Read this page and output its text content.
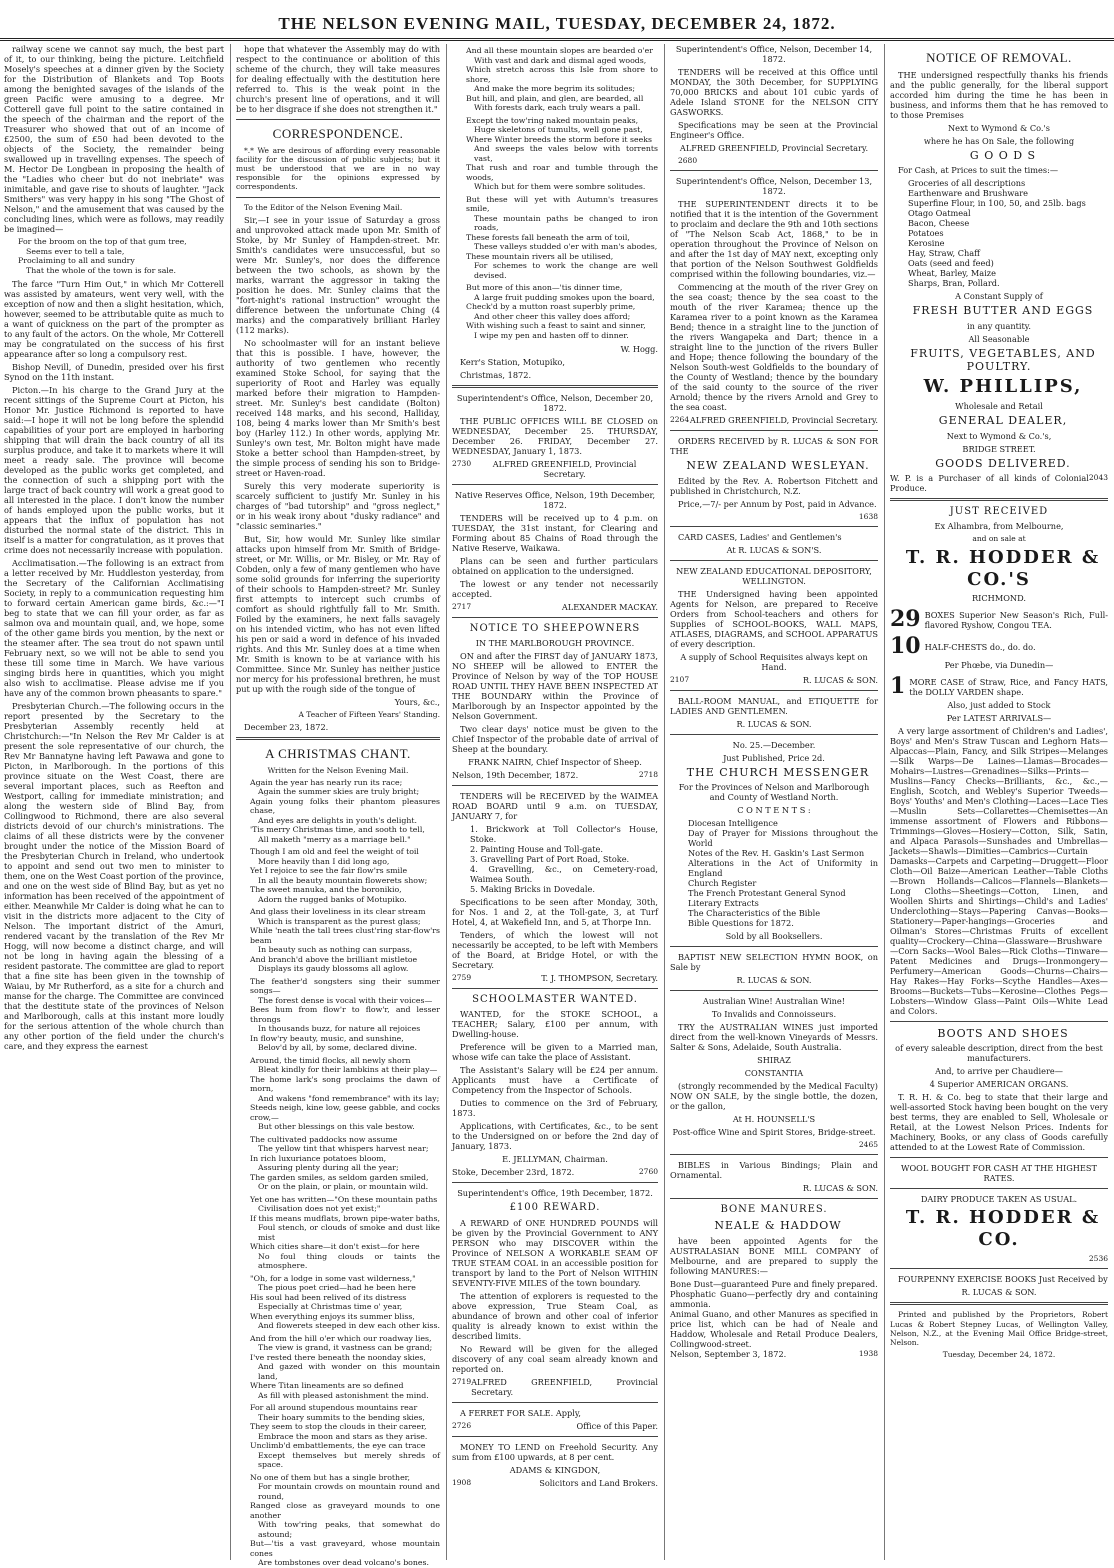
THE NELSON EVENING MAIL, TUESDAY, DECEMBER 24, 1872.

railway scene we cannot say much, the best part of it, to our thinking, being the picture. Leitchfield Mosely's speeches at a dinner given by the Society for the Distribution of Blankets and Top Boots among the benighted savages of the islands of the green Pacific were amusing to a degree. Mr Cotterell gave full point to the satire contained in the speech of the chairman and the report of the Treasurer who showed that out of an income of £2500, the sum of £50 had been devoted to the objects of the Society, the remainder being swallowed up in travelling expenses. The speech of M. Hector De Longbean in proposing the health of the "Ladies who cheer but do not inebriate" was inimitable, and gave rise to shouts of laughter. "Jack Smithers" was very happy in his song "The Ghost of Nelson," and the amusement that was caused by the concluding lines, which were as follows, may readily be imagined—

For the broom on the top of that gum tree,
Seems ever to tell a tale,
Proclaiming to all and sundry
That the whole of the town is for sale.

The farce "Turn Him Out," in which Mr Cotterell was assisted by amateurs, went very well, with the exception of now and then a slight hesitation, which, however, seemed to be attributable quite as much to a want of quickness on the part of the prompter as to any fault of the actors. On the whole, Mr Cotterell may be congratulated on the success of his first appearance after so long a compulsory rest.

Bishop Nevill, of Dunedin, presided over his first Synod on the 11th instant.

Picton.—In his charge to the Grand Jury at the recent sittings of the Supreme Court at Picton, his Honor Mr. Justice Richmond is reported to have said:—I hope it will not be long before the splendid capabilities of your port are employed in harboring shipping that will drain the back country of all its surplus produce, and take it to markets where it will meet a ready sale. The province will become developed as the public works get completed, and the connection of such a shipping port with the large tract of back country will work a great good to all interested in the place. I don't know the number of hands employed upon the public works, but it appears that the influx of population has not disturbed the normal state of the district. This in itself is a matter for congratulation, as it proves that crime does not necessarily increase with population.

Acclimatisation.—The following is an extract from a letter received by Mr. Huddleston yesterday, from the Secretary of the Californian Acclimatising Society, in reply to a communication requesting him to forward certain American game birds, &c.:—"I beg to state that we can fill your order, as far as salmon ova and mountain quail, and, we hope, some of the other game birds you mention, by the next or the steamer after. The sea trout do not spawn until February next, so we will not be able to send you these till some time in March. We have various singing birds here in quantities, which you might also wish to acclimatise. Please advise me if you have any of the common brown pheasants to spare."

Presbyterian Church.—The following occurs in the report presented by the Secretary to the Presbyterian Assembly recently held at Christchurch:—"In Nelson the Rev Mr Calder is at present the sole representative of our church, the Rev Mr Bannatyne having left Pawawa and gone to Picton, in Marlborough. In the portions of this province situate on the West Coast, there are several important places, such as Reefton and Westport, calling for immediate ministration; and along the western side of Blind Bay, from Collingwood to Richmond, there are also several districts devoid of our church's ministrations. The claims of all these districts were by the convener brought under the notice of the Mission Board of the Presbyterian Church in Ireland, who undertook to appoint and send out two men to minister to them, one on the West Coast portion of the province, and one on the west side of Blind Bay, but as yet no information has been received of the appointment of either. Meanwhile Mr Calder is doing what he can to visit in the districts more adjacent to the City of Nelson. The important district of the Amuri, rendered vacant by the translation of the Rev Mr Hogg, will now become a distinct charge, and will not be long in having again the blessing of a resident pastorate. The committee are glad to report that a fine site has been given in the township of Waiau, by Mr Rutherford, as a site for a church and manse for the charge. The Committee are convinced that the destitute state of the provinces of Nelson and Marlborough, calls at this instant more loudly for the serious attention of the whole church than any other portion of the field under the church's care, and they express the earnest

hope that whatever the Assembly may do with respect to the continuance or abolition of this scheme of the church, they will take measures for dealing effectually with the destitution here referred to. This is the weak point in the church's present line of operations, and it will be to her disgrace if she does not strengthen it."

CORRESPONDENCE.

*.* We are desirous of affording every reasonable facility for the discussion of public subjects; but it must be understood that we are in no way responsible for the opinions expressed by correspondents.

To the Editor of the Nelson Evening Mail.

Sir,—I see in your issue of Saturday a gross and unprovoked attack made upon Mr. Smith of Stoke, by Mr Sunley of Hampden-street. Mr. Smith's candidates were unsuccessful, but so were Mr. Sunley's, nor does the difference between the two schools, as shown by the marks, warrant the aggressor in taking the position he does. Mr. Sunley claims that the "fort-night's rational instruction" wrought the difference between the unfortunate Ching (4 marks) and the comparatively brilliant Harley (112 marks).

No schoolmaster will for an instant believe that this is possible. I have, however, the authority of two gentlemen who recently examined Stoke School, for saying that the superiority of Root and Harley was equally marked before their migration to Hampden-street. Mr. Sunley's best candidate (Bolton) received 148 marks, and his second, Halliday, 108, being 4 marks lower than Mr Smith's best boy (Harley 112.) In other words, applying Mr. Sunley's own test, Mr. Bolton might have made Stoke a better school than Hampden-street, by the simple process of sending his son to Bridge-street or Haven-road.

Surely this very moderate superiority is scarcely sufficient to justify Mr. Sunley in his charges of "bad tutorship" and "gross neglect," or in his weak irony about "dusky radiance" and "classic seminaries."

But, Sir, how would Mr. Sunley like similar attacks upon himself from Mr. Smith of Bridge-street, or Mr. Willis, or Mr. Bisley, or Mr. Ray of Cobden, only a few of many gentlemen who have some solid grounds for inferring the superiority of their schools to Hampden-street? Mr. Sunley first attempts to intercept such crumbs of comfort as should rightfully fall to Mr. Smith. Foiled by the examiners, he next falls savagely on his intended victim, who has not even lifted his pen or said a word in defence of his invaded rights. And this Mr. Sunley does at a time when Mr. Smith is known to be at variance with his Committee. Since Mr. Sunley has neither justice nor mercy for his professional brethren, he must put up with the rough side of the tongue of

Yours, &c.,

A Teacher of Fifteen Years' Standing.

December 23, 1872.

A CHRISTMAS CHANT.

Written for the Nelson Evening Mail.

Again the year has nearly run its race;
Again the summer skies are truly bright;
Again young folks their phantom pleasures chase,
And eyes are delights in youth's delight.
'Tis merry Christmas time, and sooth to tell,
All maketh "merry as a marriage bell."
Though I am old and feel the weight of toil
More heavily than I did long ago,
Yet I rejoice to see the fair flow'rs smile
In all the beauty mountain flowerets show;
The sweet manuka, and the boronikio,
Adorn the rugged banks of Motupiko.
And glass their loveliness in its clear stream
Which is transparent as the purest glass;
While 'neath the tall trees clust'ring star-flow'rs beam
In beauty such as nothing can surpass,
And branch'd above the brilliant mistletoe
Displays its gaudy blossoms all aglow.
The feather'd songsters sing their summer songs—
The forest dense is vocal with their voices—
Bees hum from flow'r to flow'r, and lesser throngs
In thousands buzz, for nature all rejoices
In flow'ry beauty, music, and sunshine,
Belov'd by all, by some, declared divine.
Around, the timid flocks, all newly shorn
Bleat kindly for their lambkins at their play—
The home lark's song proclaims the dawn of morn,
And wakens "fond remembrance" with its lay;
Steeds neigh, kine low, geese gabble, and cocks crow,—
But other blessings on this vale bestow.
The cultivated paddocks now assume
The yellow tint that whispers harvest near;
In rich luxuriance potatoes bloom,
Assuring plenty during all the year;
The garden smiles, as seldom garden smiled,
Or on the plain, or plain, or mountain wild.
Yet one has written—"On these mountain paths
Civilisation does not yet exist;"
If this means mudflats, brown pipe-water baths,
Foul stench, or clouds of smoke and dust like mist
Which cities share—it don't exist—for here
No foul thing clouds or taints the atmosphere.
"Oh, for a lodge in some vast wilderness,"
The pious poet cried—had he been here
His soul had been relived of its distress
Especially at Christmas time o' year,
When everything enjoys its summer bliss,
And flowerets steeped in dew each other kiss.
And from the hill o'er which our roadway lies,
The view is grand, it vastness can be grand;
I've rested there beneath the noonday skies,
And gazed with wonder on this mountain land,
Where Titan lineaments are so defined
As fill with pleased astonishment the mind.
For all around stupendous mountains rear
Their hoary summits to the bending skies,
They seem to stop the clouds in their career,
Embrace the moon and stars as they arise.
Unclimb'd embattlements, the eye can trace
Except themselves but merely shreds of space.
No one of them but has a single brother,
For mountain crowds on mountain round and round,
Ranged close as graveyard mounds to one another
With tow'ring peaks, that somewhat do astound;
But—'tis a vast graveyard, whose mountain cones
Are tombstones over dead volcano's bones.
And all these mountain slopes are bearded o'er
With vast and dark and dismal aged woods,
Which stretch across this Isle from shore to shore,
And make the more begrim its solitudes;
But hill, and plain, and glen, are bearded, all
With forests dark, each truly wears a pall.
Except the tow'ring naked mountain peaks,
Huge skeletons of tumults, well gone past,
Where Winter breeds the storm before it seeks
And sweeps the vales below with torrents vast,
That rush and roar and tumble through the woods,
Which but for them were sombre solitudes.
But these will yet with Autumn's treasures smile,
These mountain paths be changed to iron roads,
These forests fall beneath the arm of toil,
These valleys studded o'er with man's abodes,
These mountain rivers all be utilised,
For schemes to work the change are well devised.
But more of this anon—'tis dinner time,
A large fruit pudding smokes upon the board,
Check'd by a mutton roast superbly prime,
And other cheer this valley does afford;
With wishing such a feast to saint and sinner,
I wipe my pen and hasten off to dinner.

W. Hogg.

Kerr's Station, Motupiko,

Christmas, 1872.

Superintendent's Office, Nelson, December 20, 1872.

THE PUBLIC OFFICES WILL BE CLOSED on WEDNESDAY, December 25. THURSDAY, December 26. FRIDAY, December 27. WEDNESDAY, January 1, 1873.

2730	ALFRED GREENFIELD, Provincial Secretary.

Native Reserves Office, Nelson, 19th December, 1872.

TENDERS will be received up to 4 p.m. on TUESDAY, the 31st instant, for Clearing and Forming about 85 Chains of Road through the Native Reserve, Waikawa.

Plans can be seen and further particulars obtained on application to the undersigned.

The lowest or any tender not necessarily accepted.

2717	ALEXANDER MACKAY.
NOTICE TO SHEEPOWNERS

IN THE MARLBOROUGH PROVINCE.

ON and after the FIRST day of JANUARY 1873, NO SHEEP will be allowed to ENTER the Province of Nelson by way of the TOP HOUSE ROAD UNTIL THEY HAVE BEEN INSPECTED AT THE BOUNDARY within the Province of Marlborough by an Inspector appointed by the Nelson Government.

Two clear days' notice must be given to the Chief Inspector of the probable date of arrival of Sheep at the boundary.

FRANK NAIRN, Chief Inspector of Sheep.

Nelson, 19th December, 1872.	2718

TENDERS will be RECEIVED by the WAIMEA ROAD BOARD until 9 a.m. on TUESDAY, JANUARY 7, for

1. Brickwork at Toll Collector's House, Stoke.
2. Painting House and Toll-gate.
3. Gravelling Part of Port Road, Stoke.
4. Gravelling, &c., on Cemetery-road, Waimea South.
5. Making Bricks in Dovedale.

Specifications to be seen after Monday, 30th, for Nos. 1 and 2, at the Toll-gate, 3, at Turf Hotel, 4, at Wakefield Inn, and 5, at Thorpe Inn.

Tenders, of which the lowest will not necessarily be accepted, to be left with Members of the Board, at Bridge Hotel, or with the Secretary.

2759	T. J. THOMPSON, Secretary.
SCHOOLMASTER WANTED.

WANTED, for the STOKE SCHOOL, a TEACHER; Salary, £100 per annum, with Dwelling-house.

Preference will be given to a Married man, whose wife can take the place of Assistant.

The Assistant's Salary will be £24 per annum. Applicants must have a Certificate of Competency from the Inspector of Schools.

Duties to commence on the 3rd of February, 1873.

Applications, with Certificates, &c., to be sent to the Undersigned on or before the 2nd day of January, 1873.

E. JELLYMAN, Chairman.

Stoke, December 23rd, 1872.	2760

Superintendent's Office, 19th December, 1872.

£100 REWARD.

A REWARD of ONE HUNDRED POUNDS will be given by the Provincial Government to ANY PERSON who may DISCOVER within the Province of NELSON A WORKABLE SEAM OF TRUE STEAM COAL in an accessible position for transport by land to the Port of Nelson WITHIN SEVENTY-FIVE MILES of the town boundary.

The attention of explorers is requested to the above expression, True Steam Coal, as abundance of brown and other coal of inferior quality is already known to exist within the described limits.

No Reward will be given for the alleged discovery of any coal seam already known and reported on.

2719 ALFRED GREENFIELD, Provincial Secretary.

A FERRET FOR SALE. Apply,

2726	Office of this Paper.

MONEY TO LEND on Freehold Security. Any sum from £100 upwards, at 8 per cent.

ADAMS & KINGDON,

1908	Solicitors and Land Brokers.

Superintendent's Office, Nelson, December 14, 1872.

TENDERS will be received at this Office until MONDAY, the 30th December, for SUPPLYING 70,000 BRICKS and about 101 cubic yards of Adele Island STONE for the NELSON CITY GASWORKS.

Specifications may be seen at the Provincial Engineer's Office.

ALFRED GREENFIELD, Provincial Secretary.

2680

Superintendent's Office, Nelson, December 13, 1872.

THE SUPERINTENDENT directs it to be notified that it is the intention of the Government to proclaim and declare the 9th and 10th sections of "The Nelson Scab Act, 1868," to be in operation throughout the Province of Nelson on and after the 1st day of MAY next, excepting only that portion of the Nelson Southwest Goldfields comprised within the following boundaries, viz.—

Commencing at the mouth of the river Grey on the sea coast; thence by the sea coast to the mouth of the river Karamea; thence up the Karamea river to a point known as the Karamea Bend; thence in a straight line to the junction of the rivers Wangapeka and Dart; thence in a straight line to the junction of the rivers Buller and Hope; thence following the boundary of the Nelson South-west Goldfields to the boundary of the County of Westland; thence by the boundary of the said county to the source of the river Arnold; thence by the rivers Arnold and Grey to the sea coast.

2264 ALFRED GREENFIELD, Provincial Secretary.

ORDERS RECEIVED by R. LUCAS & SON FOR THE

NEW ZEALAND WESLEYAN.

Edited by the Rev. A. Robertson Fitchett and published in Christchurch, N.Z.

Price,—7/- per Annum by Post, paid in Advance.

1638

CARD CASES, Ladies' and Gentlemen's

At R. LUCAS & SON'S.

NEW ZEALAND EDUCATIONAL DEPOSITORY, WELLINGTON.

THE Undersigned having been appointed Agents for Nelson, are prepared to Receive Orders from School-teachers and others for Supplies of SCHOOL-BOOKS, WALL MAPS, ATLASES, DIAGRAMS, and SCHOOL APPARATUS of every description.

A supply of School Requisites always kept on Hand.

2107	R. LUCAS & SON.

BALL-ROOM MANUAL, and ETIQUETTE for LADIES AND GENTLEMEN.

R. LUCAS & SON.

No. 25.—December.

Just Published, Price 2d.

THE CHURCH MESSENGER

For the Provinces of Nelson and Marlborough and County of Westland North.

C O N T E N T S :

Diocesan Intelligence
Day of Prayer for Missions throughout the World
Notes of the Rev. H. Gaskin's Last Sermon
Alterations in the Act of Uniformity in England
Church Register
The French Protestant General Synod
Literary Extracts
The Characteristics of the Bible
Bible Questions for 1872.

Sold by all Booksellers.

BAPTIST NEW SELECTION HYMN BOOK, on Sale by

R. LUCAS & SON.

Australian Wine! Australian Wine!

To Invalids and Connoisseurs.

TRY the AUSTRALIAN WINES just imported direct from the well-known Vineyards of Messrs. Salter & Sons, Adelaide, South Australia.

SHIRAZ

CONSTANTIA

(strongly recommended by the Medical Faculty) NOW ON SALE, by the single bottle, the dozen, or the gallon,

At H. HOUNSELL'S

Post-office Wine and Spirit Stores, Bridge-street.

2465

BIBLES in Various Bindings; Plain and Ornamental.

R. LUCAS & SON.

BONE MANURES.

NEALE & HADDOW

have been appointed Agents for the AUSTRALASIAN BONE MILL COMPANY of Melbourne, and are prepared to supply the following MANURES:—

Bone Dust—guaranteed Pure and finely prepared.
Phosphatic Guano—perfectly dry and containing ammonia.
Animal Guano, and other Manures as specified in price list, which can be had of Neale and Haddow, Wholesale and Retail Produce Dealers, Collingwood-street.
Nelson, September 3, 1872.	1938
NOTICE OF REMOVAL.

THE undersigned respectfully thanks his friends and the public generally, for the liberal support accorded him during the time he has been in business, and informs them that he has removed to to those Premises

Next to Wymond & Co.'s

where he has On Sale, the following

G O O D S

For Cash, at Prices to suit the times:—

Groceries of all descriptions
Earthenware and Brushware
Superfine Flour, in 100, 50, and 25lb. bags
Otago Oatmeal
Bacon, Cheese
Potatoes
Kerosine
Hay, Straw, Chaff
Oats (seed and feed)
Wheat, Barley, Maize
Sharps, Bran, Pollard.

A Constant Supply of

FRESH BUTTER AND EGGS

in any quantity.

All Seasonable

FRUITS, VEGETABLES, AND POULTRY.

W. PHILLIPS,

Wholesale and Retail

GENERAL DEALER,

Next to Wymond & Co.'s,

BRIDGE STREET.

GOODS DELIVERED.

W. P. is a Purchaser of all kinds of Colonial Produce.
2043
JUST RECEIVED

Ex Alhambra, from Melbourne,

and on sale at

T. R. HODDER & CO.'S

RICHMOND.

29 BOXES Superior New Season's Rich, Full-flavored Ryshow, Congou TEA.
10 HALF-CHESTS do., do. do.

Per Phœbe, via Dunedin—

1 MORE CASE of Straw, Rice, and Fancy HATS, the DOLLY VARDEN shape.

Also, just added to Stock

Per LATEST ARRIVALS—

A very large assortment of Children's and Ladies', Boys' and Men's Straw Tuscan and Leghorn Hats—Alpaccas—Plain, Fancy, and Silk Stripes—Melanges—Silk Warps—De Laines—Llamas—Brocades—Mohairs—Lustres—Grenadines—Silks—Prints—Muslins—Fancy Checks—Brilliants, &c., &c.,—English, Scotch, and Webley's Superior Tweeds—Boys' Youths' and Men's Clothing—Laces—Lace Ties—Muslin Sets—Collarettes—Chemisettes—An immense assortment of Flowers and Ribbons—Trimmings—Gloves—Hosiery—Cotton, Silk, Satin, and Alpaca Parasols—Sunshades and Umbrellas—Jackets—Shawls—Dimities—Cambrics—Curtain Damasks—Carpets and Carpeting—Druggett—Floor Cloth—Oil Baize—American Leather—Table Cloths—Brown Hollands—Calicos—Flannels—Blankets—Long Cloths—Sheetings—Cotton, Linen, and Woollen Shirts and Shirtings—Child's and Ladies' Underclothing—Stays—Papering Canvas—Books—Stationery—Paper-hangings—Groceries and Oilman's Stores—Christmas Fruits of excellent quality—Crockery—China—Glassware—Brushware—Corn Sacks—Wool Bales—Rick Cloths—Tinware—Patent Medicines and Drugs—Ironmongery—Perfumery—American Goods—Churns—Chairs—Hay Rakes—Hay Forks—Scythe Handles—Axes—Brooms—Buckets—Tubs—Kerosine—Clothes Pegs—Lobsters—Window Glass—Paint Oils—White Lead and Colors.

BOOTS AND SHOES

of every saleable description, direct from the best manufacturers.

And, to arrive per Chaudiere—

4 Superior AMERICAN ORGANS.

T. R. H. & Co. beg to state that their large and well-assorted Stock having been bought on the very best terms, they are enabled to Sell, Wholesale or Retail, at the Lowest Nelson Prices. Indents for Machinery, Books, or any class of Goods carefully attended to at the Lowest Rate of Commission.

WOOL BOUGHT FOR CASH AT THE HIGHEST RATES.

DAIRY PRODUCE TAKEN AS USUAL.

T. R. HODDER & CO.

2536

FOURPENNY EXERCISE BOOKS Just Received by

R. LUCAS & SON.

Printed and published by the Proprietors, Robert Lucas & Robert Stepney Lucas, of Wellington Valley, Nelson, N.Z., at the Evening Mail Office Bridge-street, Nelson.

Tuesday, December 24, 1872.
